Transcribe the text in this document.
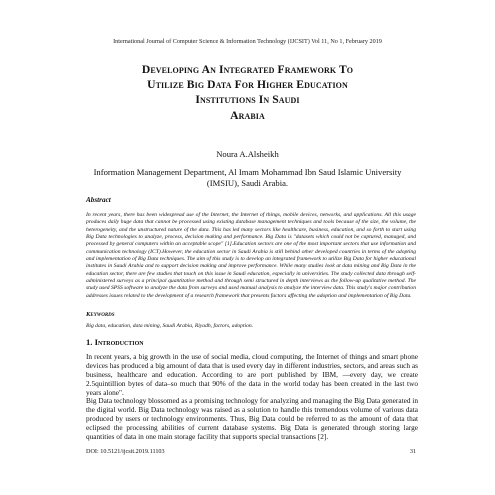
International Journal of Computer Science & Information Technology (IJCSIT) Vol 11, No 1, February 2019
Developing An Integrated Framework To
Utilize Big Data For Higher Education
Institutions In Saudi
Arabia
Noura A.Alsheikh
Information Management Department, Al Imam Mohammad Ibn Saud Islamic University
(IMSIU), Saudi Arabia.
Abstract
In recent years, there has been widespread use of the Internet, the Internet of things, mobile devices, networks, and applications. All this usage produces daily huge data that cannot be processed using existing database management techniques and tools because of the size, the volume, the heterogeneity, and the unstructured nature of the data. This has led many sectors like healthcare, business, education, and so forth to start using Big Data technologies to analyze, process, decision making and performance. Big Data is "datasets which could not be captured, managed, and processed by general computers within an acceptable scope" [1].Education sectors are one of the most important sectors that use information and communication technology (ICT).However, the education sector in Saudi Arabia is still behind other developed countries in terms of the adopting and implementation of Big Data techniques. The aim of this study is to develop an integrated framework to utilize Big Data for higher educational institutes in Saudi Arabia and to support decision making and improve performance. While many studies look at data mining and Big Data in the education sector, there are few studies that touch on this issue in Saudi education, especially in universities. The study collected data through self-administered surveys as a principal quantitative method and through semi structured in depth interviews as the follow-up qualitative method. The study used SPSS software to analyze the data from surveys and used manual analysis to analyze the interview data. This study's major contribution addresses issues related to the development of a research framework that presents factors affecting the adoption and implementation of Big Data.
Keywords
Big data, education, data mining, Saudi Arabia, Riyadh, factors, adoption.
1. Introduction
In recent years, a big growth in the use of social media, cloud computing, the Internet of things and smart phone devices has produced a big amount of data that is used every day in different industries, sectors, and areas such as business, healthcare and education. According to are port published by IBM, —every day, we create 2.5quintillion bytes of data–so much that 90% of the data in the world today has been created in the last two years alone".
Big Data technology blossomed as a promising technology for analyzing and managing the Big Data generated in the digital world. Big Data technology was raised as a solution to handle this tremendous volume of various data produced by users or technology environments. Thus, Big Data could be referred to as the amount of data that eclipsed the processing abilities of current database systems. Big Data is generated through storing large quantities of data in one main storage facility that supports special transactions [2].
DOI: 10.5121/ijcsit.2019.11103	31
